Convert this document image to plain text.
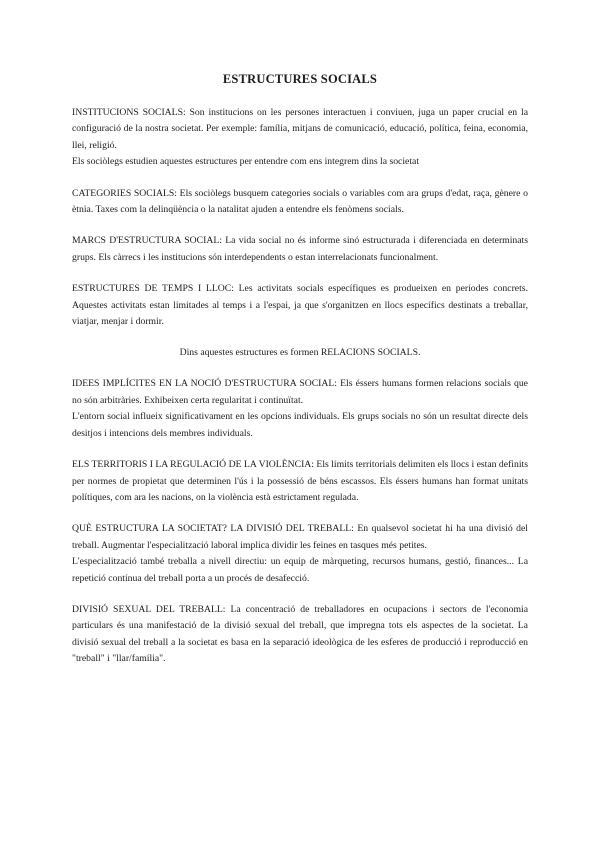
ESTRUCTURES SOCIALS

INSTITUCIONS SOCIALS: Son institucions on les persones interactuen i conviuen, juga un paper crucial en la configuració de la nostra societat. Per exemple: família, mitjans de comunicació, educació, política, feina, economia, llei, religió.

Els sociòlegs estudien aquestes estructures per entendre com ens integrem dins la societat

CATEGORIES SOCIALS: Els sociòlegs busquem categories socials o variables com ara grups d'edat, raça, gènere o ètnia. Taxes com la delinqüència o la natalitat ajuden a entendre els fenòmens socials.

MARCS D'ESTRUCTURA SOCIAL: La vida social no és informe sinó estructurada i diferenciada en determinats grups. Els càrrecs i les institucions són interdependents o estan interrelacionats funcionalment.

ESTRUCTURES DE TEMPS I LLOC: Les activitats socials específiques es produeixen en períodes concrets. Aquestes activitats estan limitades al temps i a l'espai, ja que s'organitzen en llocs específics destinats a treballar, viatjar, menjar i dormir.

Dins aquestes estructures es formen RELACIONS SOCIALS.

IDEES IMPLÍCITES EN LA NOCIÓ D'ESTRUCTURA SOCIAL: Els éssers humans formen relacions socials que no són arbitràries. Exhibeixen certa regularitat i continuïtat.

L'entorn social influeix significativament en les opcions individuals. Els grups socials no són un resultat directe dels desitjos i intencions dels membres individuals.

ELS TERRITORIS I LA REGULACIÓ DE LA VIOLÈNCIA: Els límits territorials delimiten els llocs i estan definits per normes de propietat que determinen l'ús i la possessió de béns escassos. Els éssers humans han format unitats polítiques, com ara les nacions, on la violència està estrictament regulada.

QUÈ ESTRUCTURA LA SOCIETAT? LA DIVISIÓ DEL TREBALL: En qualsevol societat hi ha una divisió del treball. Augmentar l'especialització laboral implica dividir les feines en tasques més petites.

L'especialització també treballa a nivell directiu: un equip de màrqueting, recursos humans, gestió, finances... La repetició contínua del treball porta a un procés de desafecció.

DIVISIÓ SEXUAL DEL TREBALL: La concentració de treballadores en ocupacions i sectors de l'economia particulars és una manifestació de la divisió sexual del treball, que impregna tots els aspectes de la societat. La divisió sexual del treball a la societat es basa en la separació ideològica de les esferes de producció i reproducció en "treball" i "llar/família".
